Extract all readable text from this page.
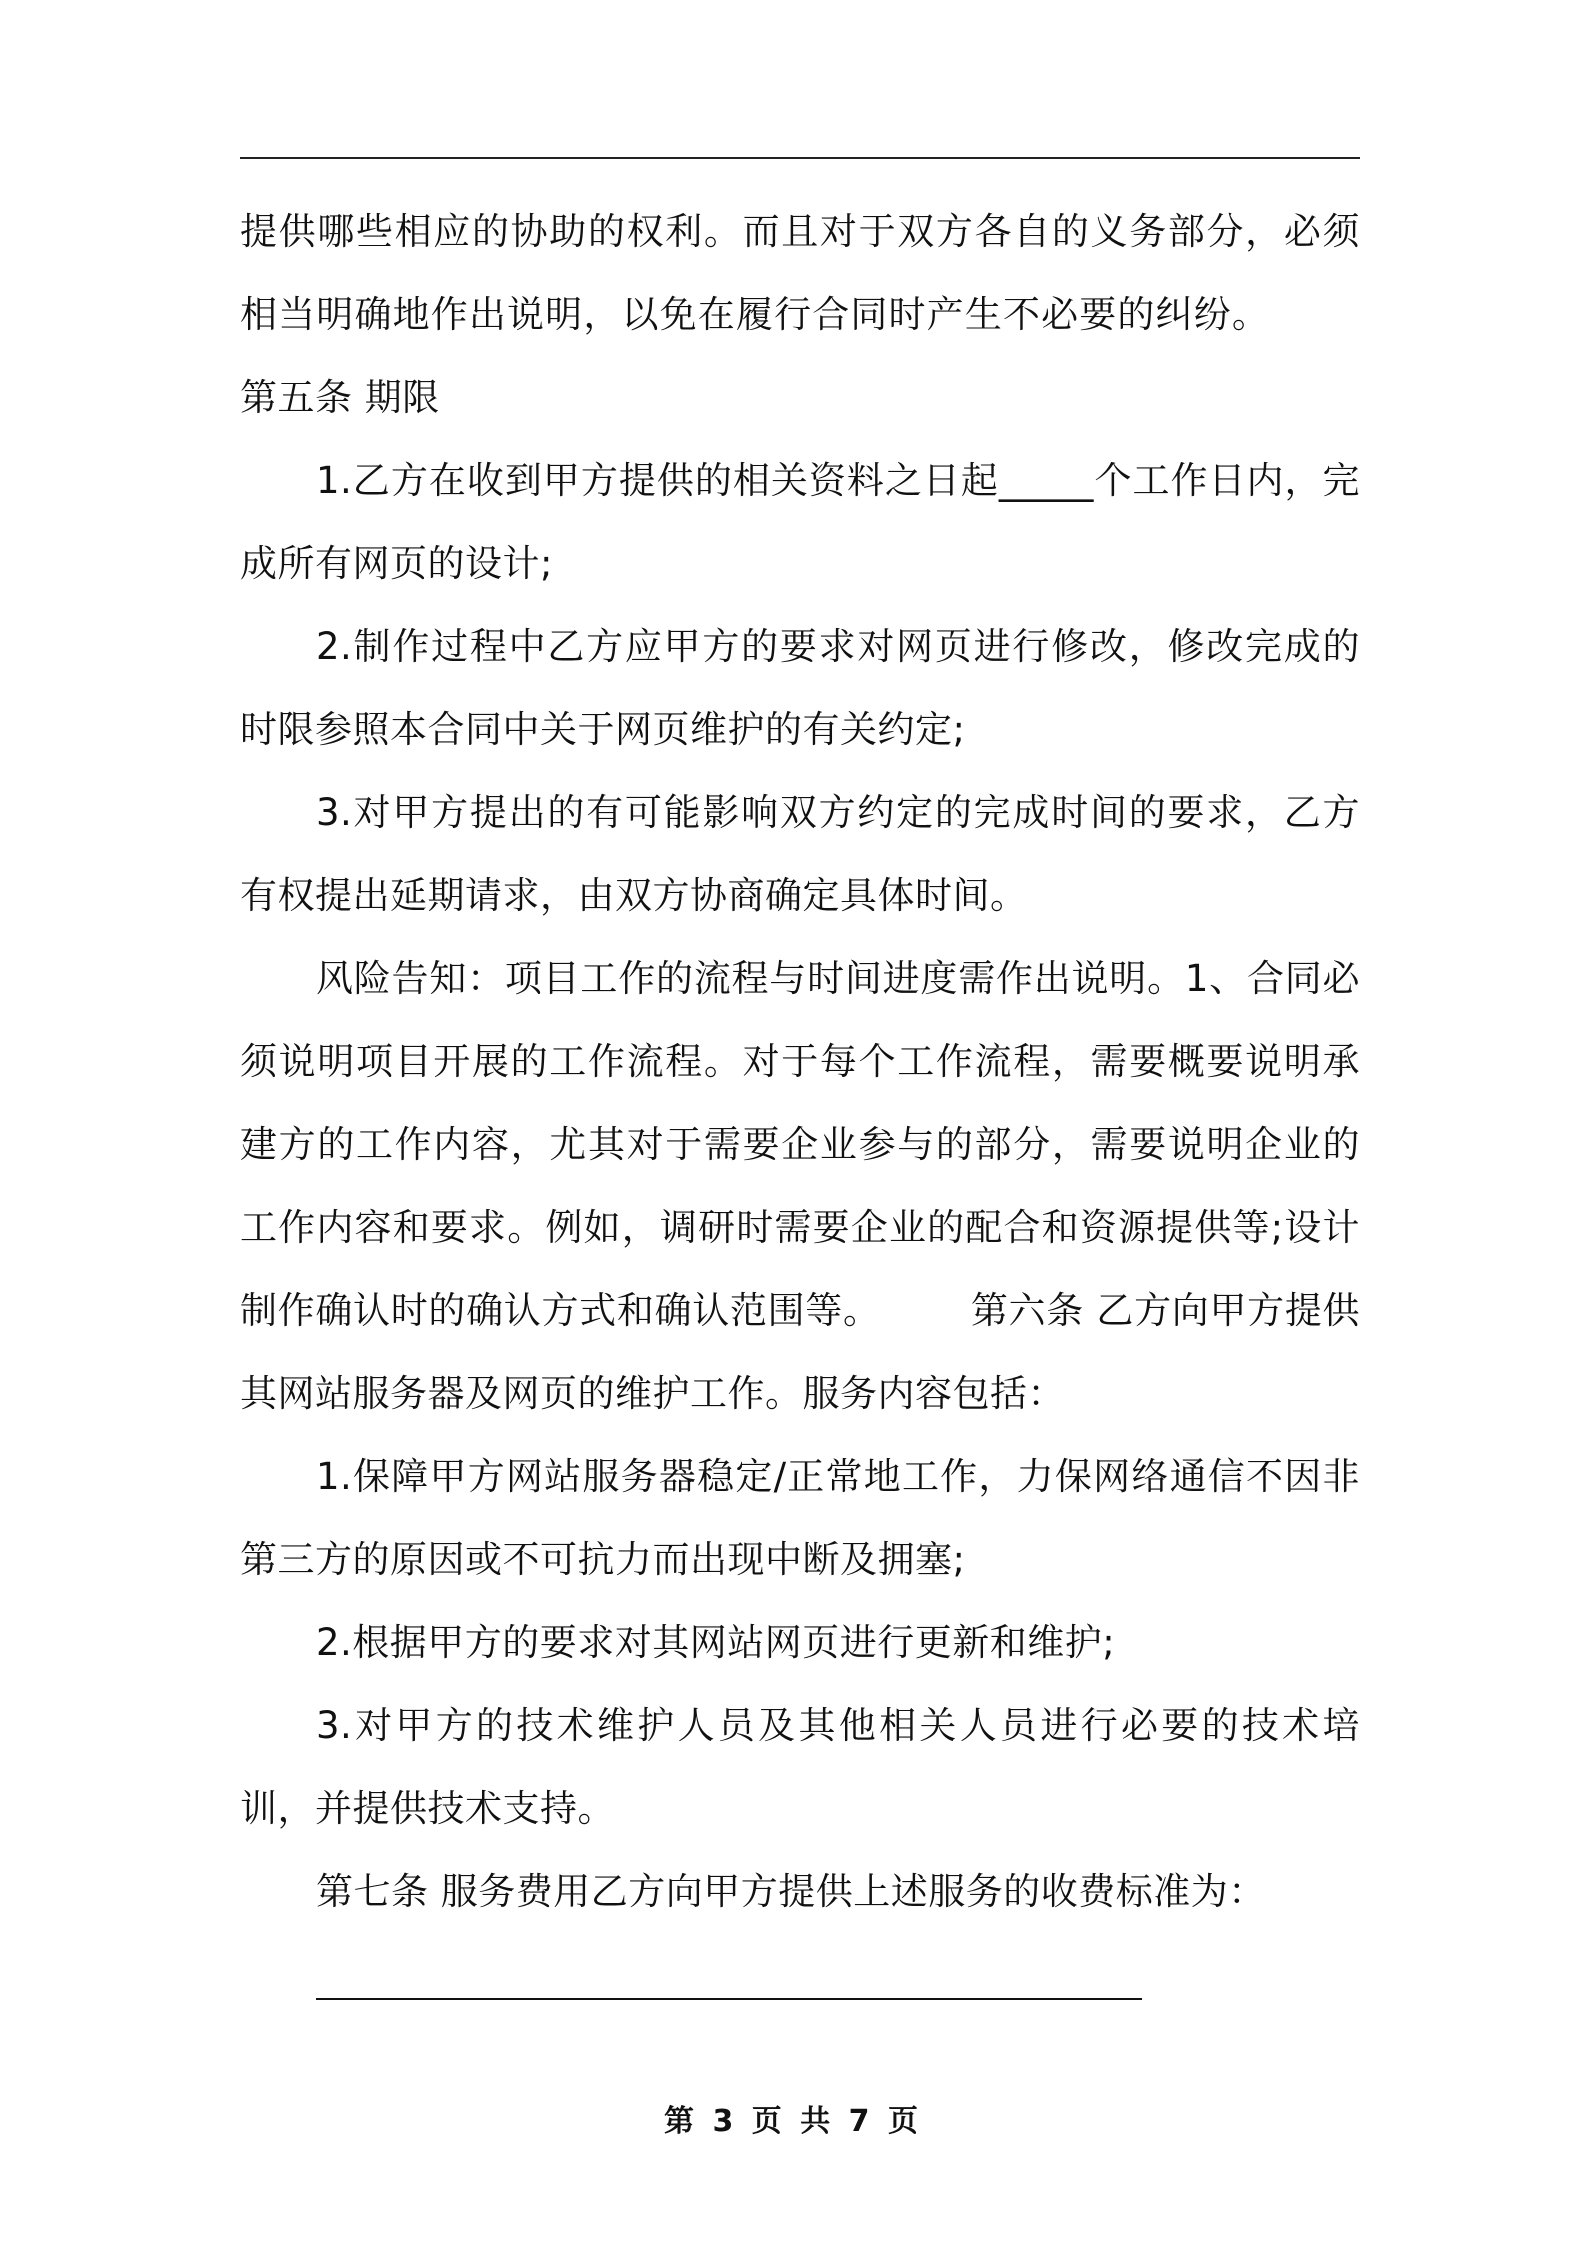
提供哪些相应的协助的权利。而且对于双方各自的义务部分，必须相当明确地作出说明，以免在履行合同时产生不必要的纠纷。第五条 期限

1.乙方在收到甲方提供的相关资料之日起_____个工作日内，完成所有网页的设计;

2.制作过程中乙方应甲方的要求对网页进行修改，修改完成的时限参照本合同中关于网页维护的有关约定;

3.对甲方提出的有可能影响双方约定的完成时间的要求，乙方有权提出延期请求，由双方协商确定具体时间。

风险告知：项目工作的流程与时间进度需作出说明。1、合同必须说明项目开展的工作流程。对于每个工作流程，需要概要说明承建方的工作内容，尤其对于需要企业参与的部分，需要说明企业的工作内容和要求。例如，调研时需要企业的配合和资源提供等;设计制作确认时的确认方式和确认范围等。 第六条 乙方向甲方提供其网站服务器及网页的维护工作。服务内容包括：

1.保障甲方网站服务器稳定/正常地工作，力保网络通信不因非第三方的原因或不可抗力而出现中断及拥塞;

2.根据甲方的要求对其网站网页进行更新和维护;

3.对甲方的技术维护人员及其他相关人员进行必要的技术培训，并提供技术支持。

第七条 服务费用乙方向甲方提供上述服务的收费标准为：

第 3 页 共 7 页
